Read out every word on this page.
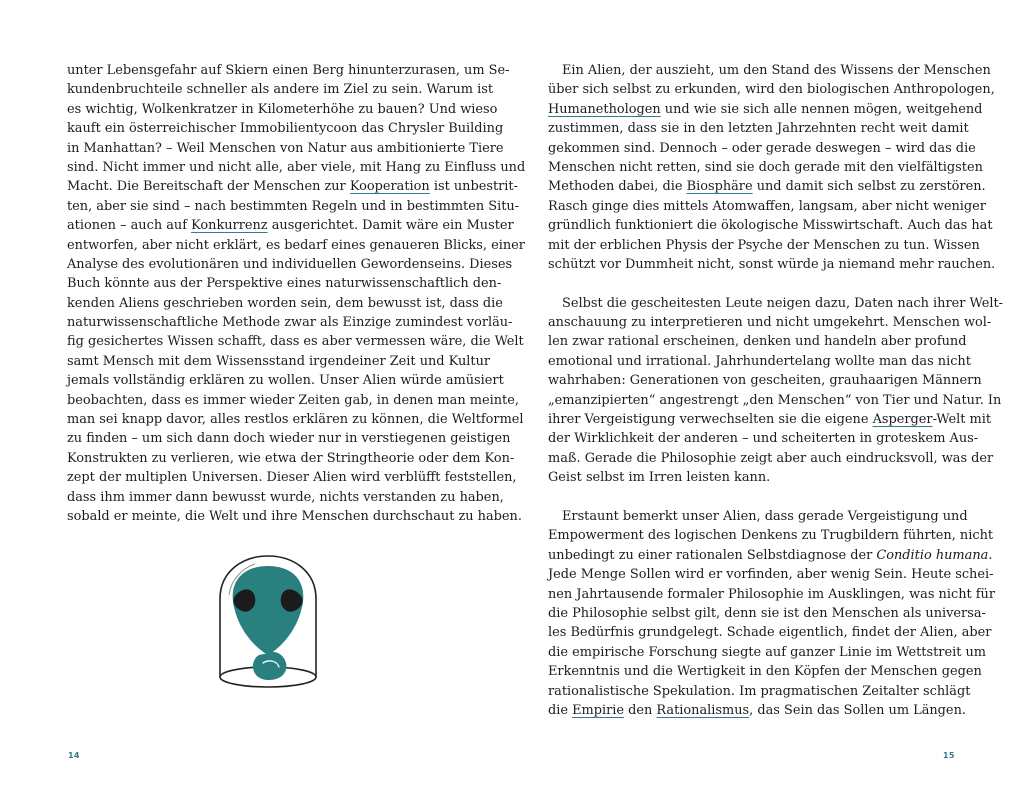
unter Lebensgefahr auf Skiern einen Berg hinunterzurasen, um Se-
kundenbruchteile schneller als andere im Ziel zu sein. Warum ist
es wichtig, Wolkenkratzer in Kilometerhöhe zu bauen? Und wieso
kauft ein österreichischer Immobilientycoon das Chrysler Building
in Manhattan? – Weil Menschen von Natur aus ambitionierte Tiere
sind. Nicht immer und nicht alle, aber viele, mit Hang zu Einfluss und
Macht. Die Bereitschaft der Menschen zur Kooperation ist unbestrit-
ten, aber sie sind – nach bestimmten Regeln und in bestimmten Situ-
ationen – auch auf Konkurrenz ausgerichtet. Damit wäre ein Muster
entworfen, aber nicht erklärt, es bedarf eines genaueren Blicks, einer
Analyse des evolutionären und individuellen Gewordenseins. Dieses
Buch könnte aus der Perspektive eines naturwissenschaftlich den-
kenden Aliens geschrieben worden sein, dem bewusst ist, dass die
naturwissenschaftliche Methode zwar als Einzige zumindest vorläu-
fig gesichertes Wissen schafft, dass es aber vermessen wäre, die Welt
samt Mensch mit dem Wissensstand irgendeiner Zeit und Kultur
jemals vollständig erklären zu wollen. Unser Alien würde amüsiert
beobachten, dass es immer wieder Zeiten gab, in denen man meinte,
man sei knapp davor, alles restlos erklären zu können, die Weltformel
zu finden – um sich dann doch wieder nur in verstiegenen geistigen
Konstrukten zu verlieren, wie etwa der Stringtheorie oder dem Kon-
zept der multiplen Universen. Dieser Alien wird verblüfft feststellen,
dass ihm immer dann bewusst wurde, nichts verstanden zu haben,
sobald er meinte, die Welt und ihre Menschen durchschaut zu haben.
14
Ein Alien, der auszieht, um den Stand des Wissens der Menschen
über sich selbst zu erkunden, wird den biologischen Anthropologen,
Humanethologen und wie sie sich alle nennen mögen, weitgehend
zustimmen, dass sie in den letzten Jahrzehnten recht weit damit
gekommen sind. Dennoch – oder gerade deswegen – wird das die
Menschen nicht retten, sind sie doch gerade mit den vielfältigsten
Methoden dabei, die Biosphäre und damit sich selbst zu zerstören.
Rasch ginge dies mittels Atomwaffen, langsam, aber nicht weniger
gründlich funktioniert die ökologische Misswirtschaft. Auch das hat
mit der erblichen Physis der Psyche der Menschen zu tun. Wissen
schützt vor Dummheit nicht, sonst würde ja niemand mehr rauchen.
Selbst die gescheitesten Leute neigen dazu, Daten nach ihrer Welt-
anschauung zu interpretieren und nicht umgekehrt. Menschen wol-
len zwar rational erscheinen, denken und handeln aber profund
emotional und irrational. Jahrhundertelang wollte man das nicht
wahrhaben: Generationen von gescheiten, grauhaarigen Männern
„emanzipierten“ angestrengt „den Menschen“ von Tier und Natur. In
ihrer Vergeistigung verwechselten sie die eigene Asperger-Welt mit
der Wirklichkeit der anderen – und scheiterten in groteskem Aus-
maß. Gerade die Philosophie zeigt aber auch eindrucksvoll, was der
Geist selbst im Irren leisten kann.
Erstaunt bemerkt unser Alien, dass gerade Vergeistigung und
Empowerment des logischen Denkens zu Trugbildern führten, nicht
unbedingt zu einer rationalen Selbstdiagnose der Conditio humana.
Jede Menge Sollen wird er vorfinden, aber wenig Sein. Heute schei-
nen Jahrtausende formaler Philosophie im Ausklingen, was nicht für
die Philosophie selbst gilt, denn sie ist den Menschen als universa-
les Bedürfnis grundgelegt. Schade eigentlich, findet der Alien, aber
die empirische Forschung siegte auf ganzer Linie im Wettstreit um
Erkenntnis und die Wertigkeit in den Köpfen der Menschen gegen
rationalistische Spekulation. Im pragmatischen Zeitalter schlägt
die Empirie den Rationalismus, das Sein das Sollen um Längen.
15
